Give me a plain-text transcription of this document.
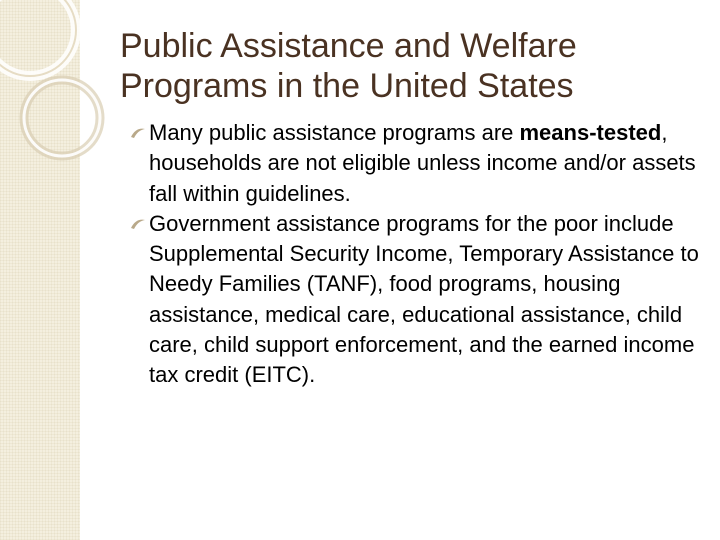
Public Assistance and Welfare
Programs in the United States
Many public assistance programs are means-tested, households are not eligible unless income and/or assets fall within guidelines.
Government assistance programs for the poor include Supplemental Security Income, Temporary Assistance to Needy Families (TANF), food programs, housing assistance, medical care, educational assistance, child care, child support enforcement, and the earned income tax credit (EITC).
